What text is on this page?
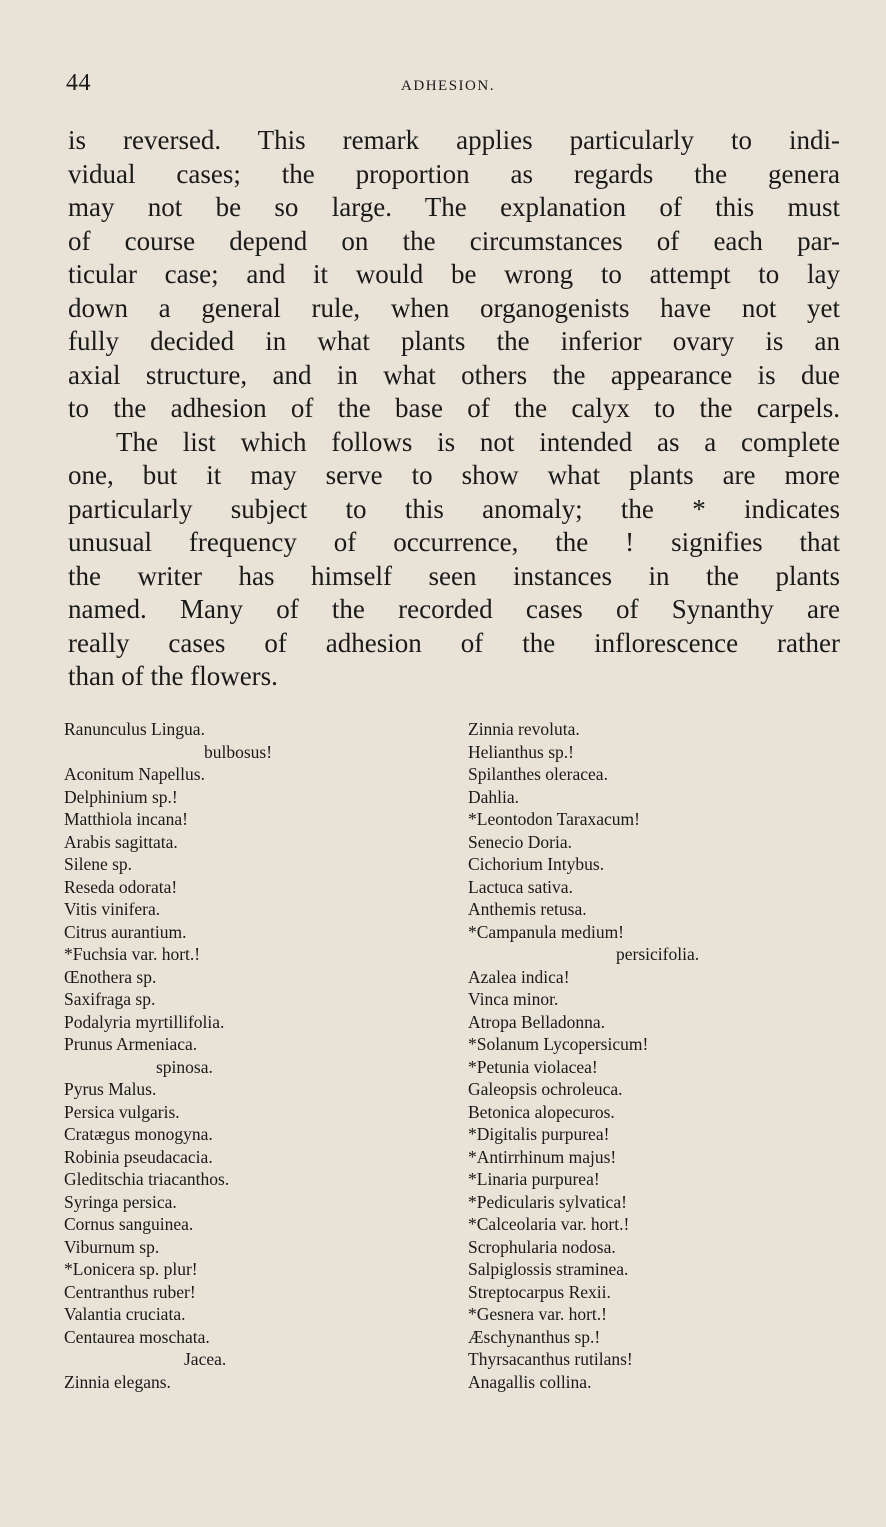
44	ADHESION.
is reversed. This remark applies particularly to indi-
vidual cases; the proportion as regards the genera
may not be so large. The explanation of this must
of course depend on the circumstances of each par-
ticular case; and it would be wrong to attempt to lay
down a general rule, when organogenists have not yet
fully decided in what plants the inferior ovary is an
axial structure, and in what others the appearance is due
to the adhesion of the base of the calyx to the carpels.
The list which follows is not intended as a complete
one, but it may serve to show what plants are more
particularly subject to this anomaly; the * indicates
unusual frequency of occurrence, the ! signifies that
the writer has himself seen instances in the plants
named. Many of the recorded cases of Synanthy are
really cases of adhesion of the inflorescence rather
than of the flowers.
Ranunculus Lingua.
bulbosus!
Aconitum Napellus.
Delphinium sp.!
Matthiola incana!
Arabis sagittata.
Silene sp.
Reseda odorata!
Vitis vinifera.
Citrus aurantium.
*Fuchsia var. hort.!
Œnothera sp.
Saxifraga sp.
Podalyria myrtillifolia.
Prunus Armeniaca.
spinosa.
Pyrus Malus.
Persica vulgaris.
Cratægus monogyna.
Robinia pseudacacia.
Gleditschia triacanthos.
Syringa persica.
Cornus sanguinea.
Viburnum sp.
*Lonicera sp. plur!
Centranthus ruber!
Valantia cruciata.
Centaurea moschata.
Jacea.
Zinnia elegans.
Zinnia revoluta.
Helianthus sp.!
Spilanthes oleracea.
Dahlia.
*Leontodon Taraxacum!
Senecio Doria.
Cichorium Intybus.
Lactuca sativa.
Anthemis retusa.
*Campanula medium!
persicifolia.
Azalea indica!
Vinca minor.
Atropa Belladonna.
*Solanum Lycopersicum!
*Petunia violacea!
Galeopsis ochroleuca.
Betonica alopecuros.
*Digitalis purpurea!
*Antirrhinum majus!
*Linaria purpurea!
*Pedicularis sylvatica!
*Calceolaria var. hort.!
Scrophularia nodosa.
Salpiglossis straminea.
Streptocarpus Rexii.
*Gesnera var. hort.!
Æschynanthus sp.!
Thyrsacanthus rutilans!
Anagallis collina.
